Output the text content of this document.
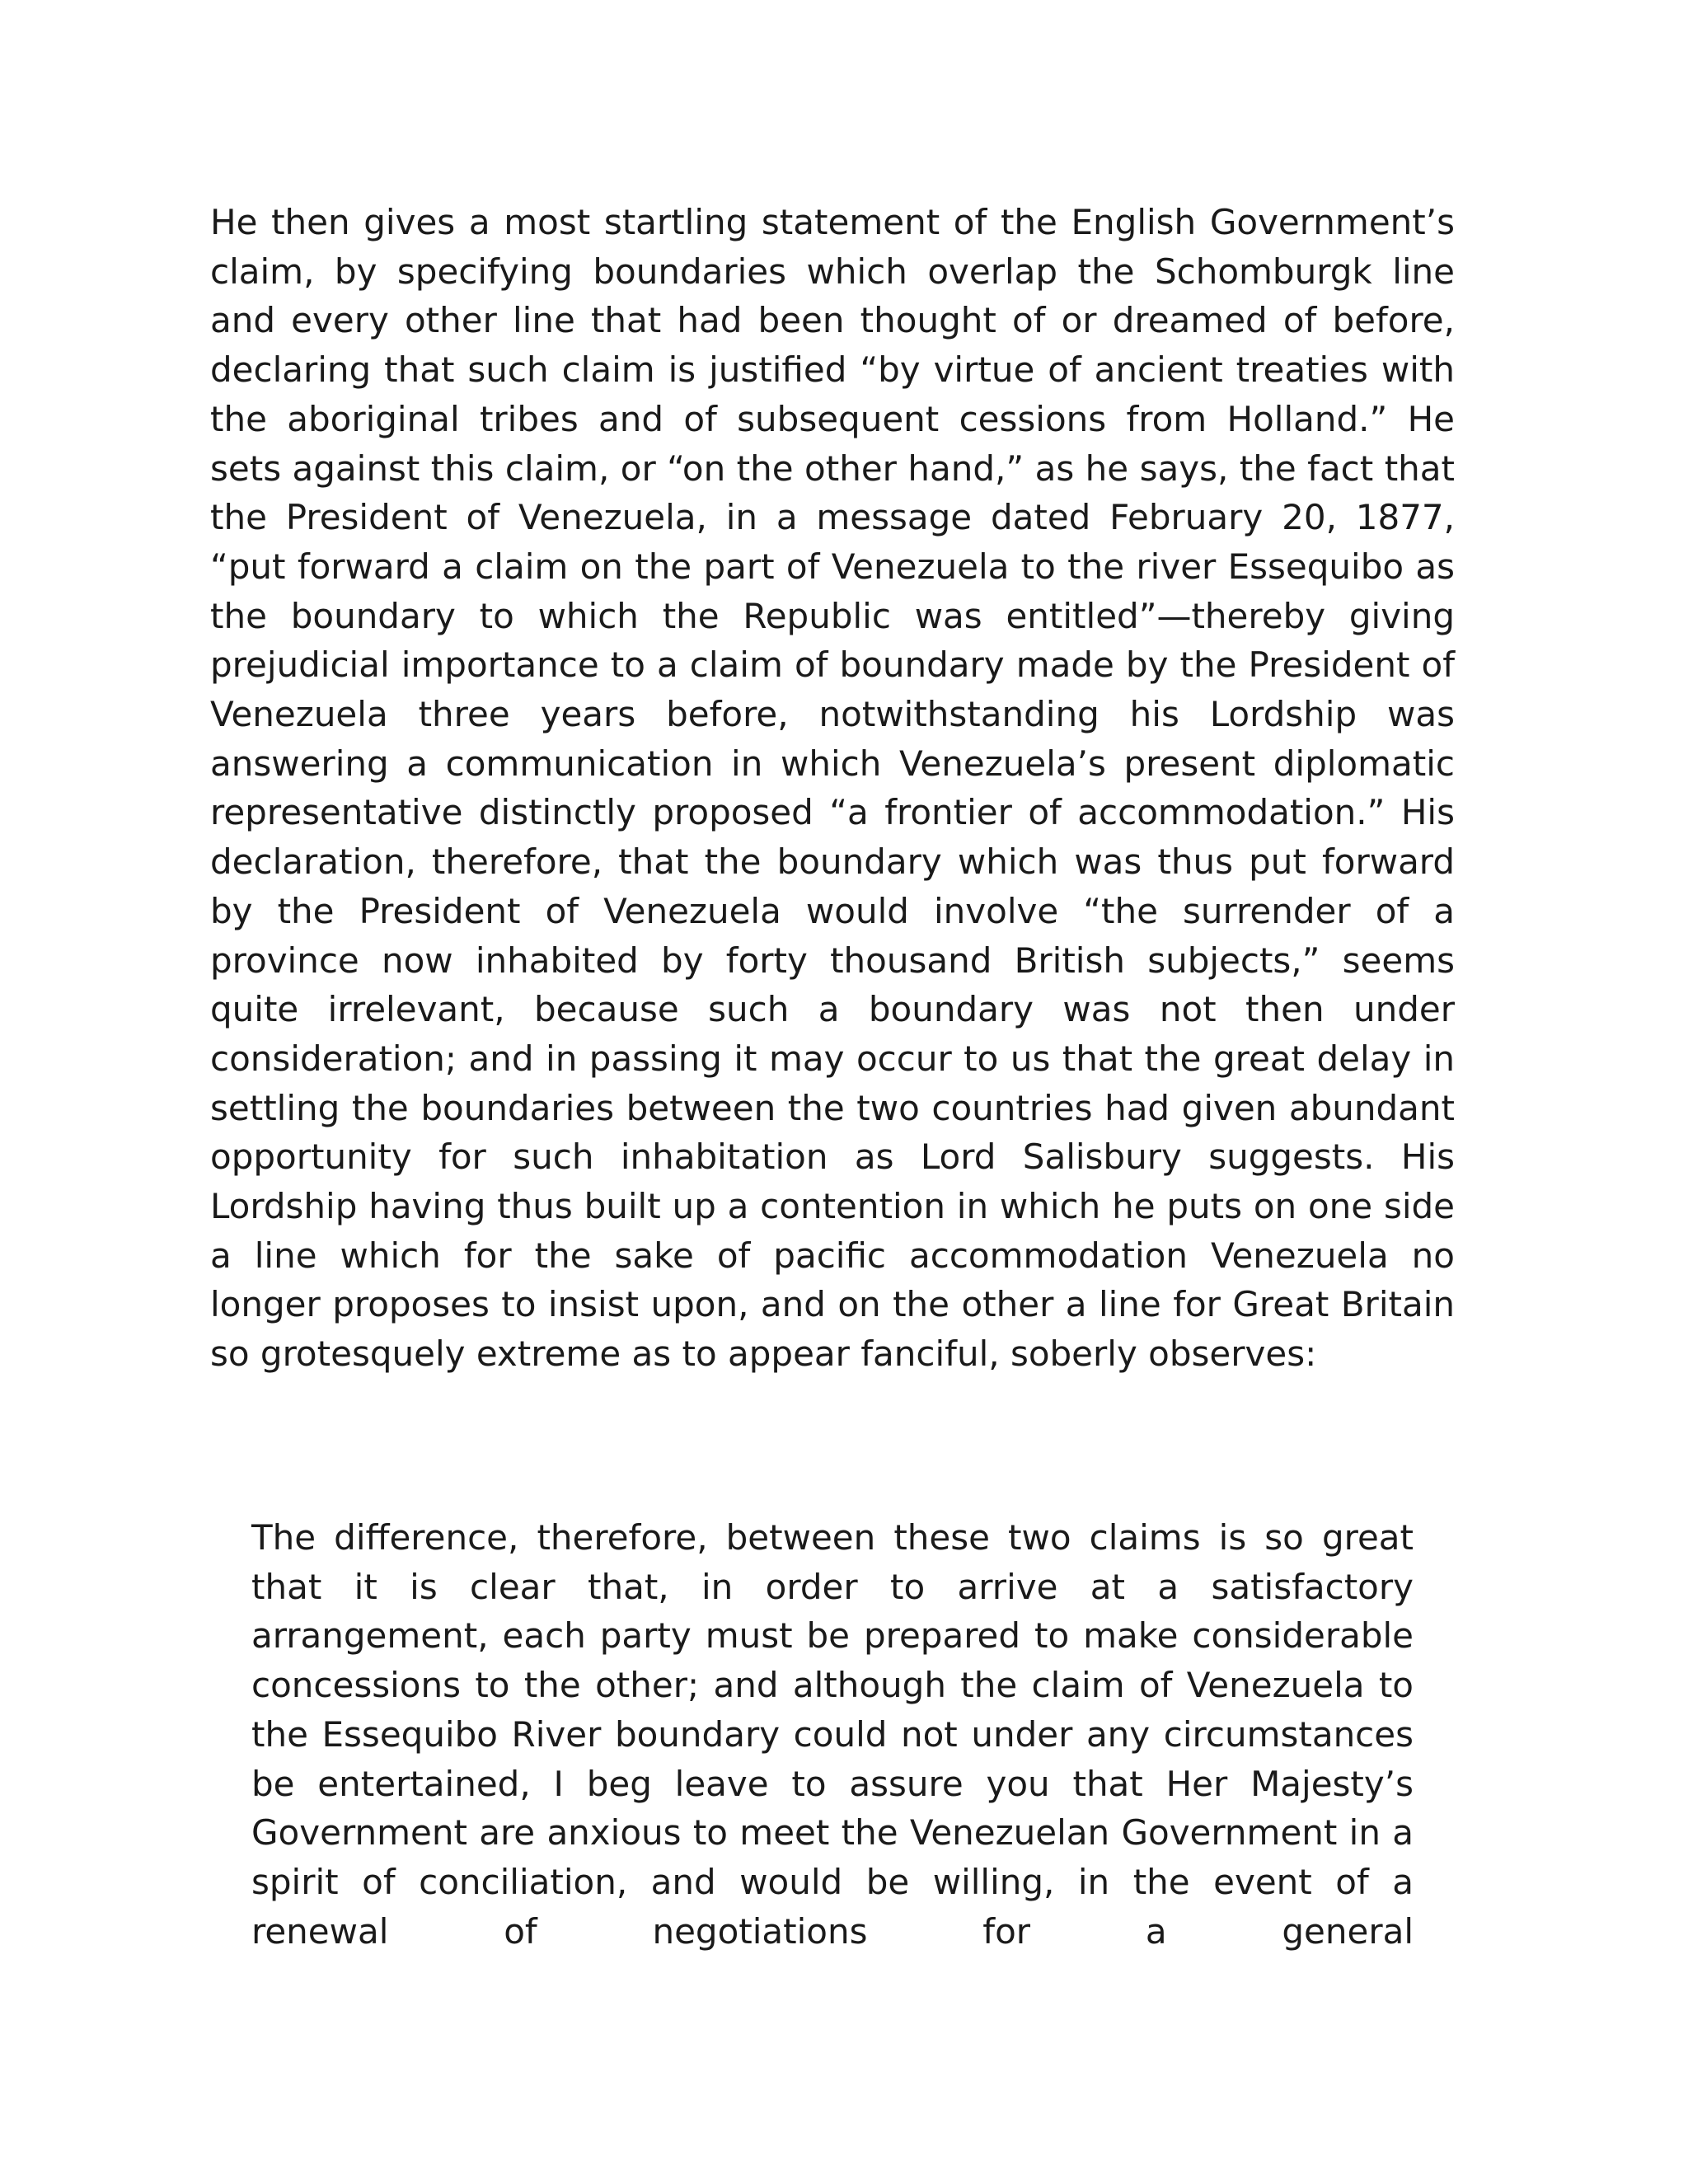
He then gives a most startling statement of the English Government’s claim, by specifying boundaries which overlap the Schomburgk line and every other line that had been thought of or dreamed of before, declaring that such claim is justified “by virtue of ancient treaties with the aboriginal tribes and of subsequent cessions from Holland.” He sets against this claim, or “on the other hand,” as he says, the fact that the President of Venezuela, in a message dated February 20, 1877, “put forward a claim on the part of Venezuela to the river Essequibo as the boundary to which the Republic was entitled”—thereby giving prejudicial importance to a claim of boundary made by the President of Venezuela three years before, notwithstanding his Lordship was answering a communication in which Venezuela’s present diplomatic representative distinctly proposed “a frontier of accommodation.” His declaration, therefore, that the boundary which was thus put forward by the President of Venezuela would involve “the surrender of a province now inhabited by forty thousand British subjects,” seems quite irrelevant, because such a boundary was not then under consideration; and in passing it may occur to us that the great delay in settling the boundaries between the two countries had given abundant opportunity for such inhabitation as Lord Salisbury suggests. His Lordship having thus built up a contention in which he puts on one side a line which for the sake of pacific accommodation Venezuela no longer proposes to insist upon, and on the other a line for Great Britain so grotesquely extreme as to appear fanciful, soberly observes:

The difference, therefore, between these two claims is so great that it is clear that, in order to arrive at a satisfactory arrangement, each party must be prepared to make considerable concessions to the other; and although the claim of Venezuela to the Essequibo River boundary could not under any circumstances be entertained, I beg leave to assure you that Her Majesty’s Government are anxious to meet the Venezuelan Government in a spirit of conciliation, and would be willing, in the event of a renewal of negotiations for a general
